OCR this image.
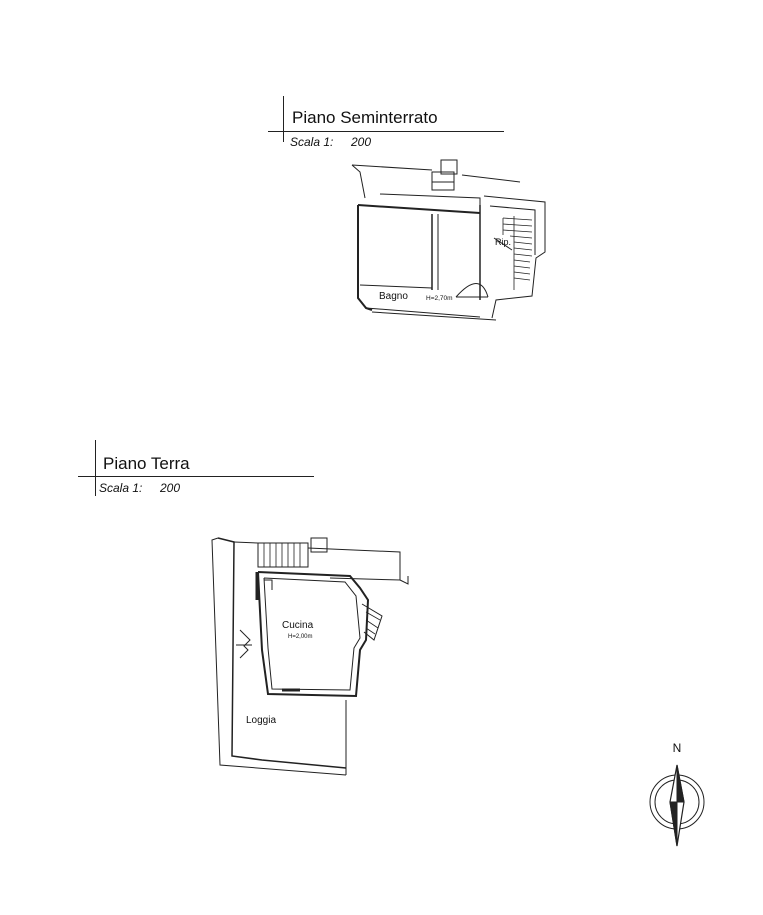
Piano Seminterrato
Scala 1: 200
Piano Terra
Scala 1: 200
Bagno	H=2,70m
Rip.
Cucina
H=2,00m
Loggia
N
